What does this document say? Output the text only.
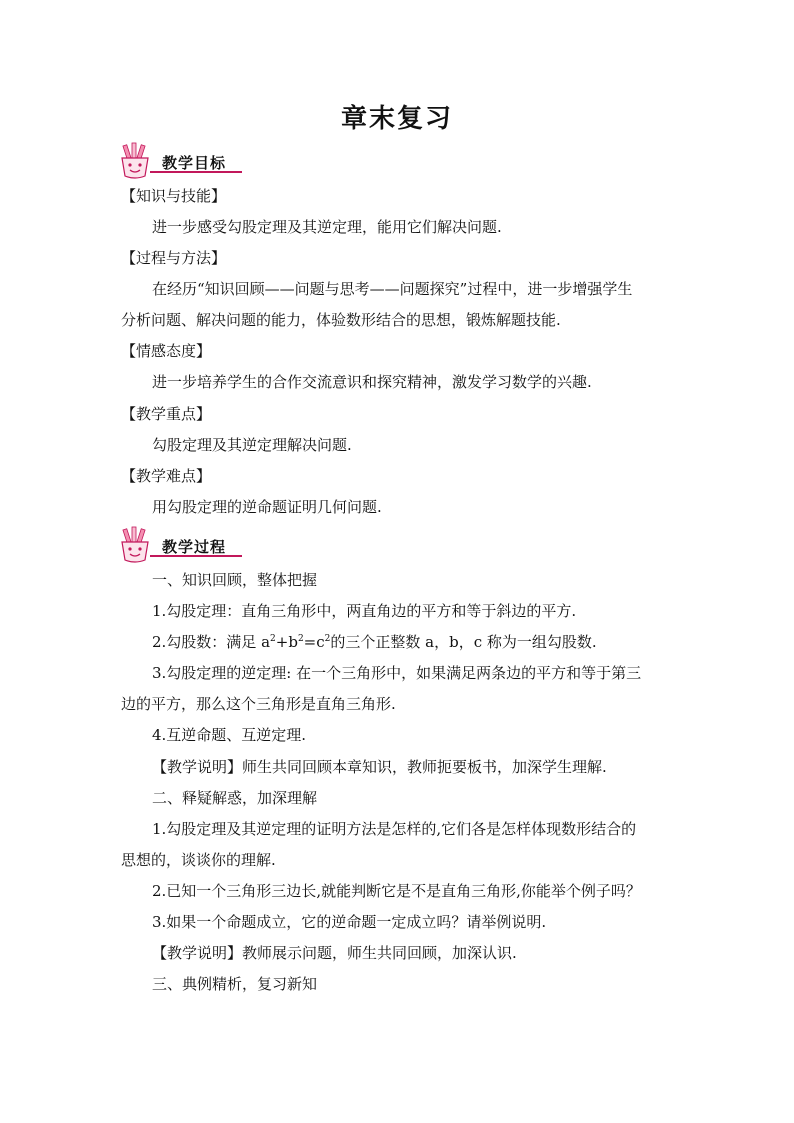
章末复习
教学目标
【知识与技能】
进一步感受勾股定理及其逆定理，能用它们解决问题.
【过程与方法】
在经历“知识回顾——问题与思考——问题探究”过程中，进一步增强学生
分析问题、解决问题的能力，体验数形结合的思想，锻炼解题技能.
【情感态度】
进一步培养学生的合作交流意识和探究精神，激发学习数学的兴趣.
【教学重点】
勾股定理及其逆定理解决问题.
【教学难点】
用勾股定理的逆命题证明几何问题.
教学过程
一、知识回顾，整体把握
1.勾股定理：直角三角形中，两直角边的平方和等于斜边的平方.
2.勾股数：满足 $a^2+b^2=c^2$的三个正整数 a，b，c 称为一组勾股数.
3.勾股定理的逆定理: 在一个三角形中，如果满足两条边的平方和等于第三
边的平方，那么这个三角形是直角三角形.
4.互逆命题、互逆定理.
【教学说明】师生共同回顾本章知识，教师扼要板书，加深学生理解.
二、释疑解惑，加深理解
1.勾股定理及其逆定理的证明方法是怎样的,它们各是怎样体现数形结合的
思想的，谈谈你的理解.
2.已知一个三角形三边长,就能判断它是不是直角三角形,你能举个例子吗？
3.如果一个命题成立，它的逆命题一定成立吗？请举例说明.
【教学说明】教师展示问题，师生共同回顾，加深认识.
三、典例精析，复习新知
